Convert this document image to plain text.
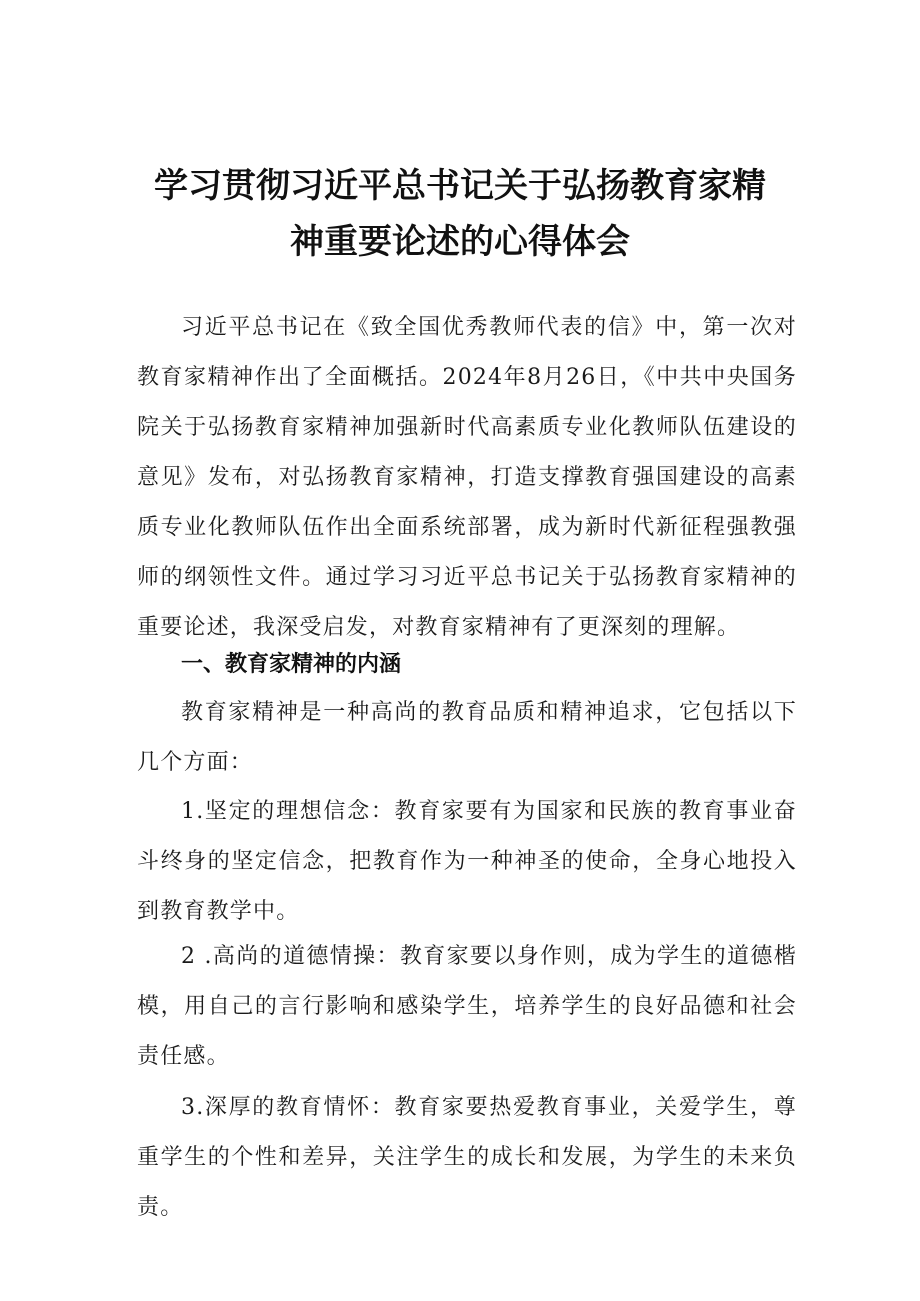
学习贯彻习近平总书记关于弘扬教育家精
神重要论述的心得体会

习近平总书记在《致全国优秀教师代表的信》中，第一次对教育家精神作出了全面概括。2024年8月26日，《中共中央国务院关于弘扬教育家精神加强新时代高素质专业化教师队伍建设的意见》发布，对弘扬教育家精神，打造支撑教育强国建设的高素质专业化教师队伍作出全面系统部署，成为新时代新征程强教强师的纲领性文件。通过学习习近平总书记关于弘扬教育家精神的重要论述，我深受启发，对教育家精神有了更深刻的理解。

一、教育家精神的内涵

教育家精神是一种高尚的教育品质和精神追求，它包括以下几个方面：

1.坚定的理想信念：教育家要有为国家和民族的教育事业奋斗终身的坚定信念，把教育作为一种神圣的使命，全身心地投入到教育教学中。

2 .高尚的道德情操：教育家要以身作则，成为学生的道德楷模，用自己的言行影响和感染学生，培养学生的良好品德和社会责任感。

3.深厚的教育情怀：教育家要热爱教育事业，关爱学生，尊重学生的个性和差异，关注学生的成长和发展，为学生的未来负责。
